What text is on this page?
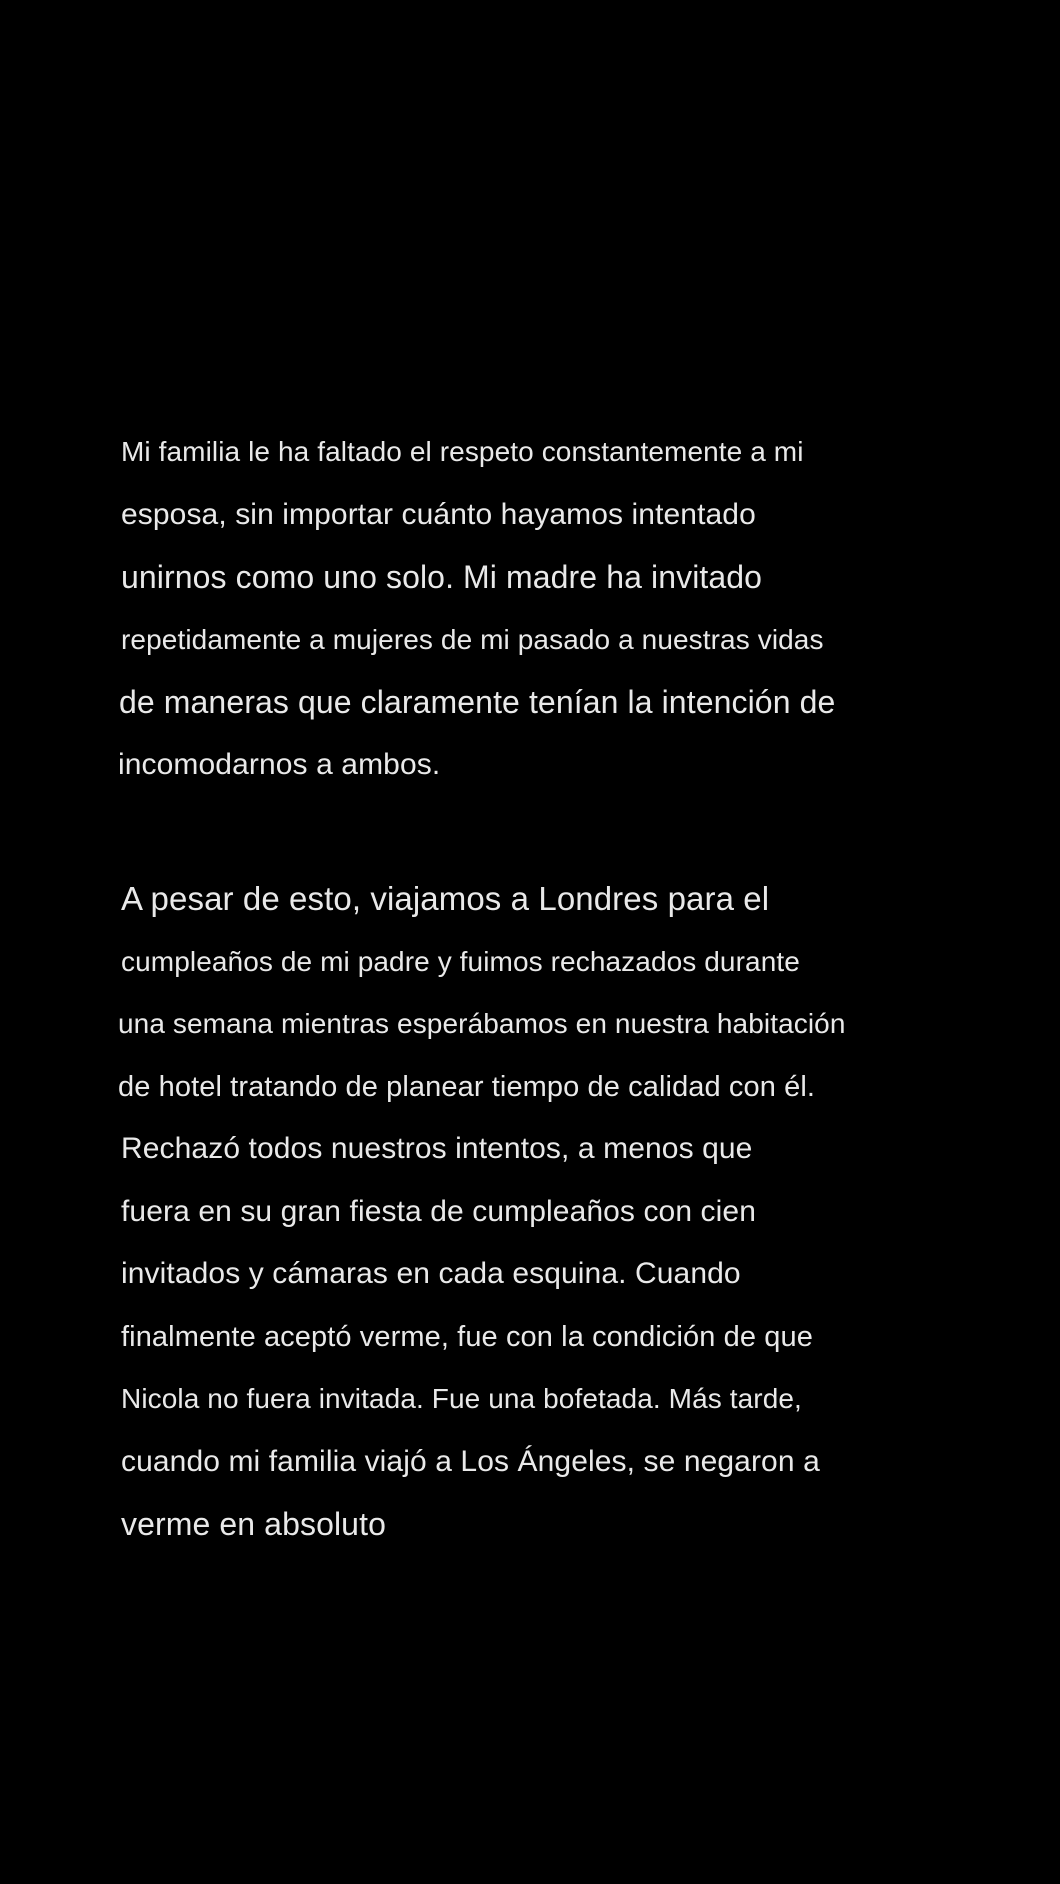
Mi familia le ha faltado el respeto constantemente a mi
esposa, sin importar cuánto hayamos intentado
unirnos como uno solo. Mi madre ha invitado
repetidamente a mujeres de mi pasado a nuestras vidas
de maneras que claramente tenían la intención de
incomodarnos a ambos.
A pesar de esto, viajamos a Londres para el
cumpleaños de mi padre y fuimos rechazados durante
una semana mientras esperábamos en nuestra habitación
de hotel tratando de planear tiempo de calidad con él.
Rechazó todos nuestros intentos, a menos que
fuera en su gran fiesta de cumpleaños con cien
invitados y cámaras en cada esquina. Cuando
finalmente aceptó verme, fue con la condición de que
Nicola no fuera invitada. Fue una bofetada. Más tarde,
cuando mi familia viajó a Los Ángeles, se negaron a
verme en absoluto
